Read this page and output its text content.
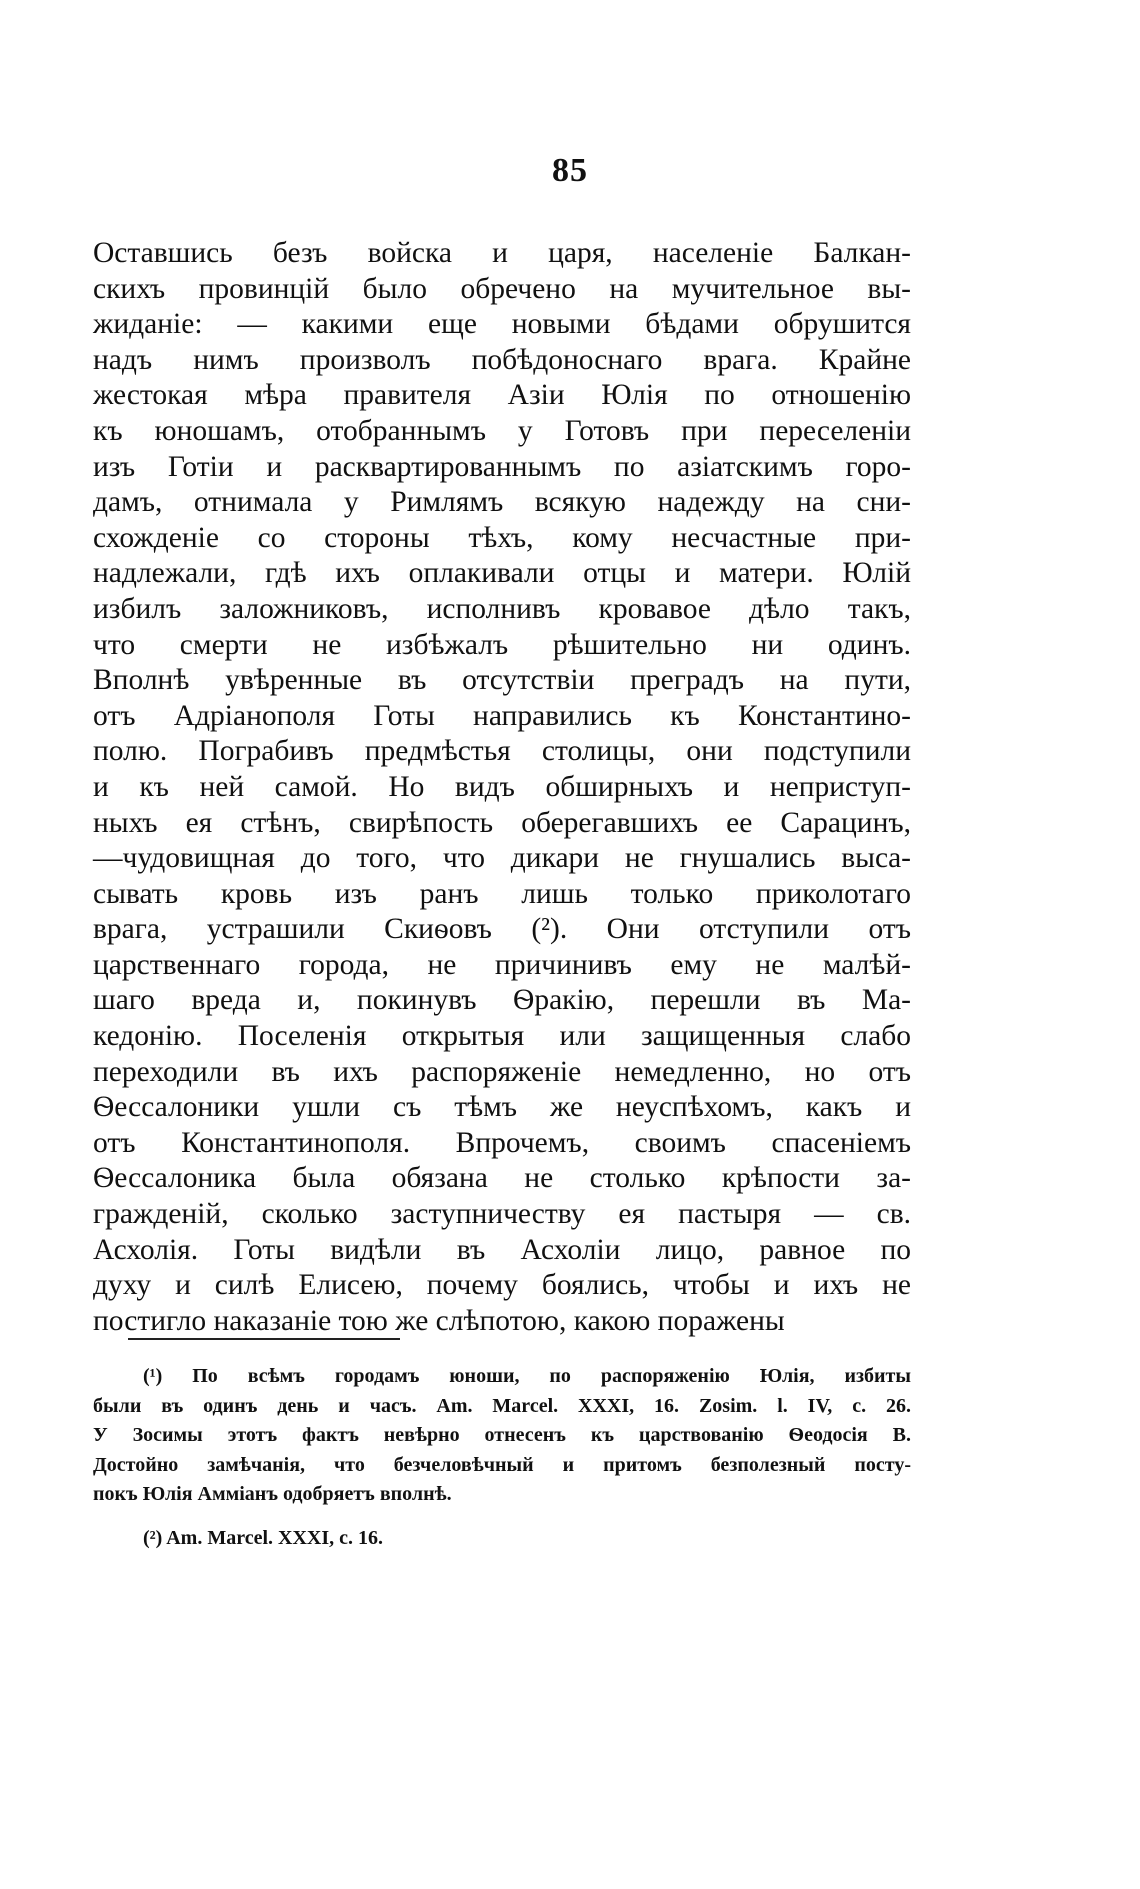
85
Оставшись безъ войска и царя, населенiе Балкан-
скихъ провинцiй было обречено на мучительное вы-
жиданiе: — какими еще новыми бѣдами обрушится
надъ нимъ произволъ побѣдоноснаго врага. Крайне
жестокая мѣра правителя Азiи Юлiя по отношенiю
къ юношамъ, отобраннымъ у Готовъ при переселенiи
изъ Готiи и расквартированнымъ по азiатскимъ горо-
дамъ, отнимала у Римлямъ всякую надежду на сни-
схожденiе со стороны тѣхъ, кому несчастные при-
надлежали, гдѣ ихъ оплакивали отцы и матери. Юлiй
избилъ заложниковъ, исполнивъ кровавое дѣло такъ,
что смерти не избѣжалъ рѣшительно ни одинъ.
Вполнѣ увѣренные въ отсутствiи преградъ на пути,
отъ Адрiанополя Готы направились къ Константино-
полю. Пограбивъ предмѣстья столицы, они подступили
и къ ней самой. Но видъ обширныхъ и неприступ-
ныхъ ея стѣнъ, свирѣпость оберегавшихъ ее Сарацинъ,
—чудовищная до того, что дикари не гнушались высa-
сывать кровь изъ ранъ лишь только приколотаго
врага, устрашили Скиѳовъ (²). Они отступили отъ
царственнаго города, не причинивъ ему не малѣй-
шаго вреда и, покинувъ Ѳракiю, перешли въ Ма-
кедонiю. Поселенiя открытыя или защищенныя слабо
переходили въ ихъ распоряженiе немедленно, но отъ
Ѳессалоники ушли съ тѣмъ же неуспѣхомъ, какъ и
отъ Константинополя. Впрочемъ, своимъ спасенiемъ
Ѳессалоника была обязана не столько крѣпости за-
гражденiй, сколько заступничеству ея пастыря — св.
Асхолiя. Готы видѣли въ Асхолiи лицо, равное по
духу и силѣ Елисею, почему боялись, чтобы и ихъ не
постигло наказанiе тою же слѣпотою, какою поражены
(¹) По всѣмъ городамъ юноши, по распоряженiю Юлiя, избиты
были въ одинъ день и часъ. Am. Marcel. XXXI, 16. Zosim. l. IV, c. 26.
У Зосимы этотъ фактъ невѣрно отнесенъ къ царствованiю Ѳеодосiя В.
Достойно замѣчанiя, что безчеловѣчный и притомъ безполезный посту-
покъ Юлiя Аммiанъ одобряетъ вполнѣ.
(²) Am. Marcel. XXXI, c. 16.
